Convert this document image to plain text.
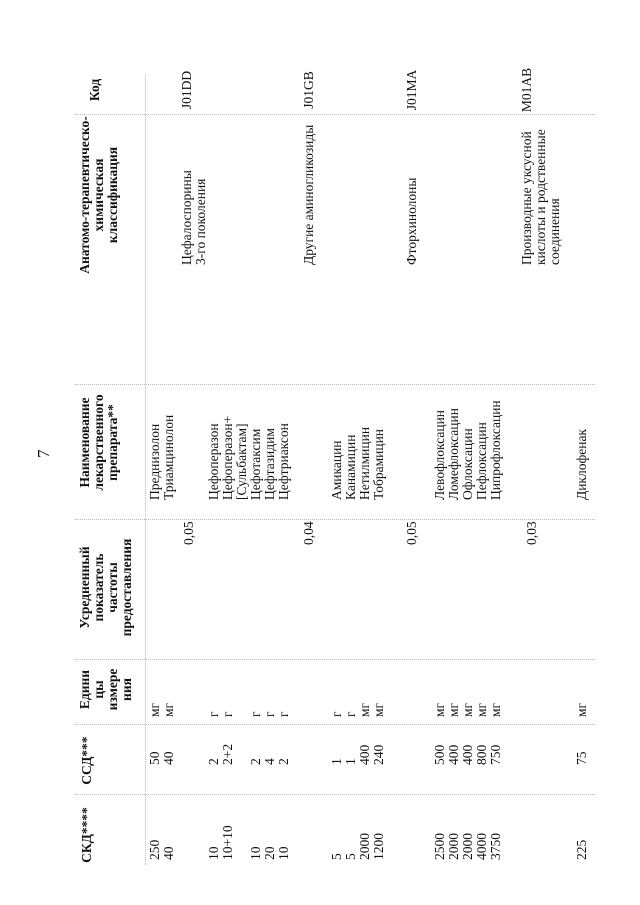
7
Код
Анатомо-терапевтическо- химическая классификация
Наименование лекарственного препарата**
Усредненный показатель частоты предоставления
Едини цы измере ния
ССД***
СКД****
Преднизолон
мг
50
250
Триамцинолон
мг
40
40
J01DD
Цефалоспорины 3-го поколения
0,05
Цефоперазон
г
2
10
Цефоперазон+
г
2+2
10+10
[Сульбактам] Цефотаксим
г
2
10
Цефтазидим
г
4
20
Цефтриаксон
г
2
10
J01GB
Другие аминогликозиды
0,04
Амикацин
г
1
5
Канамицин
г
1
5
Нетилмицин
мг
400
2000
Тобрамицин
мг
240
1200
J01MA
Фторхинолоны
0,05
Левофлоксацин
мг
500
2500
Ломефлоксацин
мг
400
2000
Офлоксацин
мг
400
2000
Пефлоксацин
мг
800
4000
Ципрофлоксацин
мг
750
3750
M01AB
Производные уксусной кислоты и родственные соединения
0,03
Диклофенак
мг
75
225
